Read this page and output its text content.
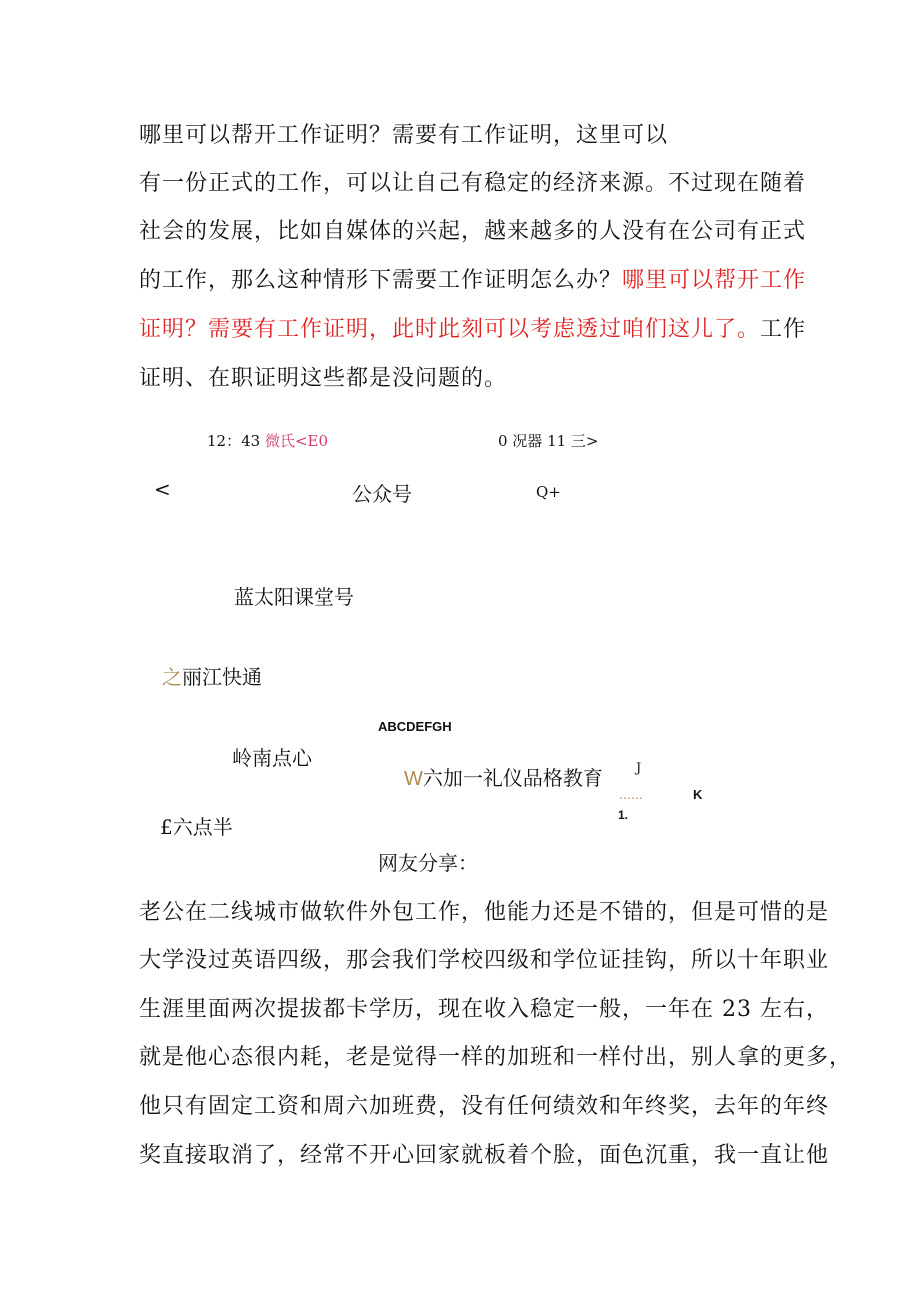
哪里可以帮开工作证明？需要有工作证明，这里可以
有一份正式的工作，可以让自己有稳定的经济来源。不过现在随着
社会的发展，比如自媒体的兴起，越来越多的人没有在公司有正式
的工作，那么这种情形下需要工作证明怎么办？哪里可以帮开工作
证明？需要有工作证明，此时此刻可以考虑透过咱们这儿了。工作
证明、在职证明这些都是没问题的。
12：43 微氏<E0	0 况器 11 三>
<	公众号	Q+
蓝太阳课堂号
之丽江快通
ABCDEFGH
岭南点心
W六加一礼仪品格教育	J
……	K
1.
£六点半
网友分享：
老公在二线城市做软件外包工作，他能力还是不错的，但是可惜的是
大学没过英语四级，那会我们学校四级和学位证挂钩，所以十年职业
生涯里面两次提拔都卡学历，现在收入稳定一般，一年在 23 左右，
就是他心态很内耗，老是觉得一样的加班和一样付出，别人拿的更多，
他只有固定工资和周六加班费，没有任何绩效和年终奖，去年的年终
奖直接取消了，经常不开心回家就板着个脸，面色沉重，我一直让他
